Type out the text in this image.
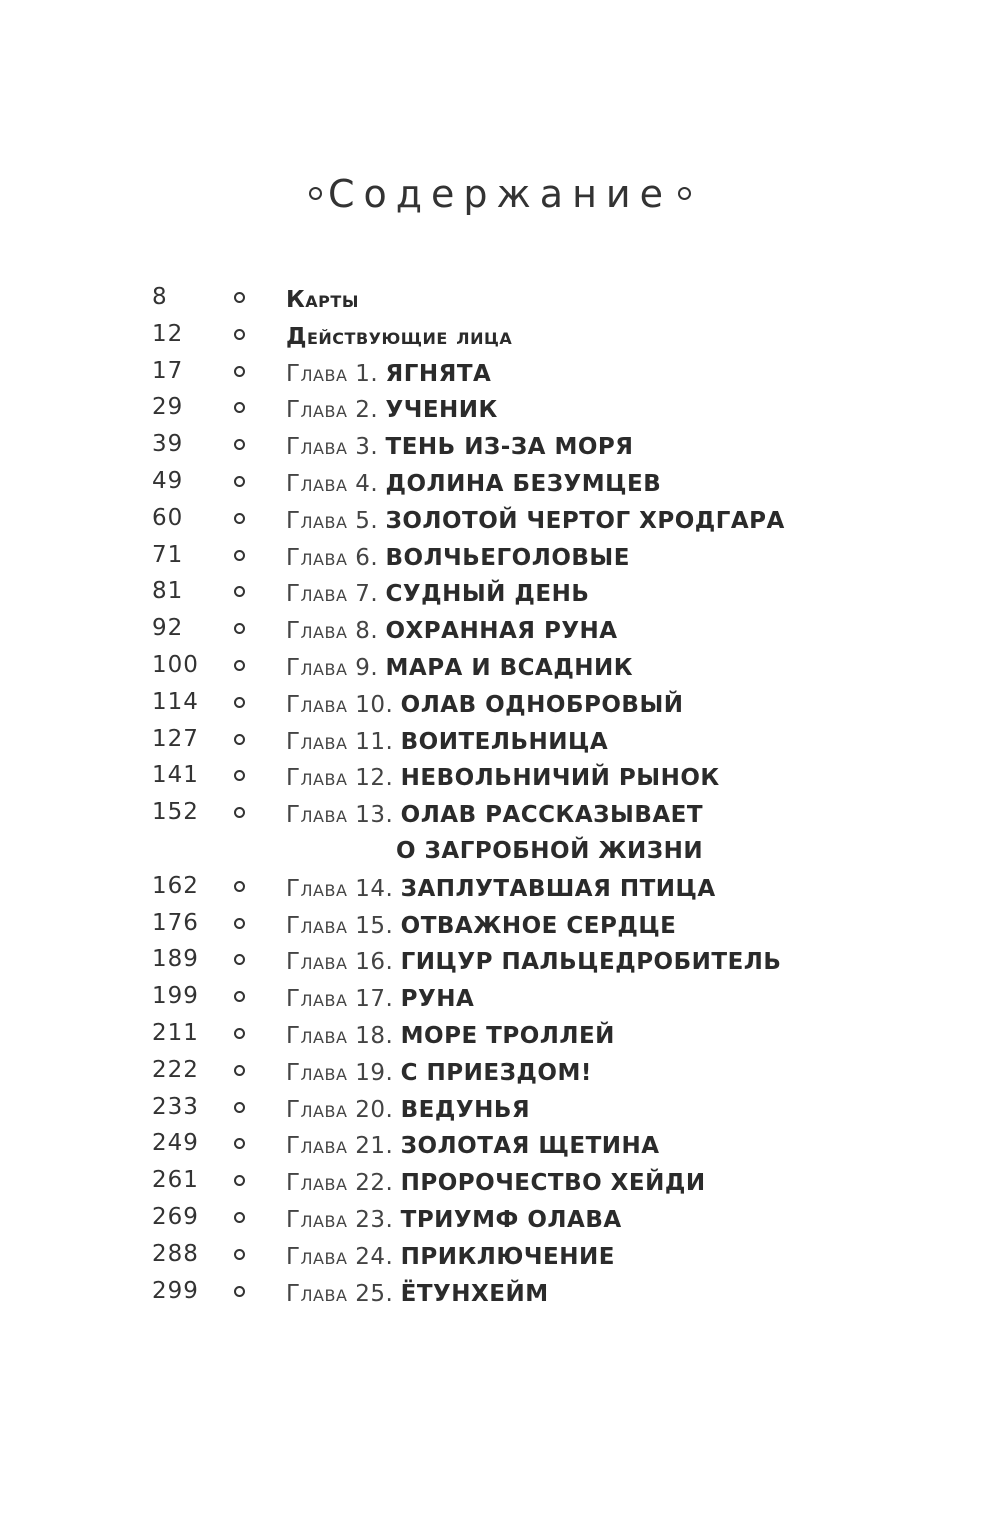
Содержание
8	Карты
12	Действующие лица
17	Глава 1. ЯГНЯТА
29	Глава 2. УЧЕНИК
39	Глава 3. ТЕНЬ ИЗ-ЗА МОРЯ
49	Глава 4. ДОЛИНА БЕЗУМЦЕВ
60	Глава 5. ЗОЛОТОЙ ЧЕРТОГ ХРОДГАРА
71	Глава 6. ВОЛЧЬЕГОЛОВЫЕ
81	Глава 7. СУДНЫЙ ДЕНЬ
92	Глава 8. ОХРАННАЯ РУНА
100	Глава 9. МАРА И ВСАДНИК
114	Глава 10. ОЛАВ ОДНОБРОВЫЙ
127	Глава 11. ВОИТЕЛЬНИЦА
141	Глава 12. НЕВОЛЬНИЧИЙ РЫНОК
152	Глава 13. ОЛАВ РАССКАЗЫВАЕТ
О ЗАГРОБНОЙ ЖИЗНИ
162	Глава 14. ЗАПЛУТАВШАЯ ПТИЦА
176	Глава 15. ОТВАЖНОЕ СЕРДЦЕ
189	Глава 16. ГИЦУР ПАЛЬЦЕДРОБИТЕЛЬ
199	Глава 17. РУНА
211	Глава 18. МОРЕ ТРОЛЛЕЙ
222	Глава 19. С ПРИЕЗДОМ!
233	Глава 20. ВЕДУНЬЯ
249	Глава 21. ЗОЛОТАЯ ЩЕТИНА
261	Глава 22. ПРОРОЧЕСТВО ХЕЙДИ
269	Глава 23. ТРИУМФ ОЛАВА
288	Глава 24. ПРИКЛЮЧЕНИЕ
299	Глава 25. ЁТУНХЕЙМ
